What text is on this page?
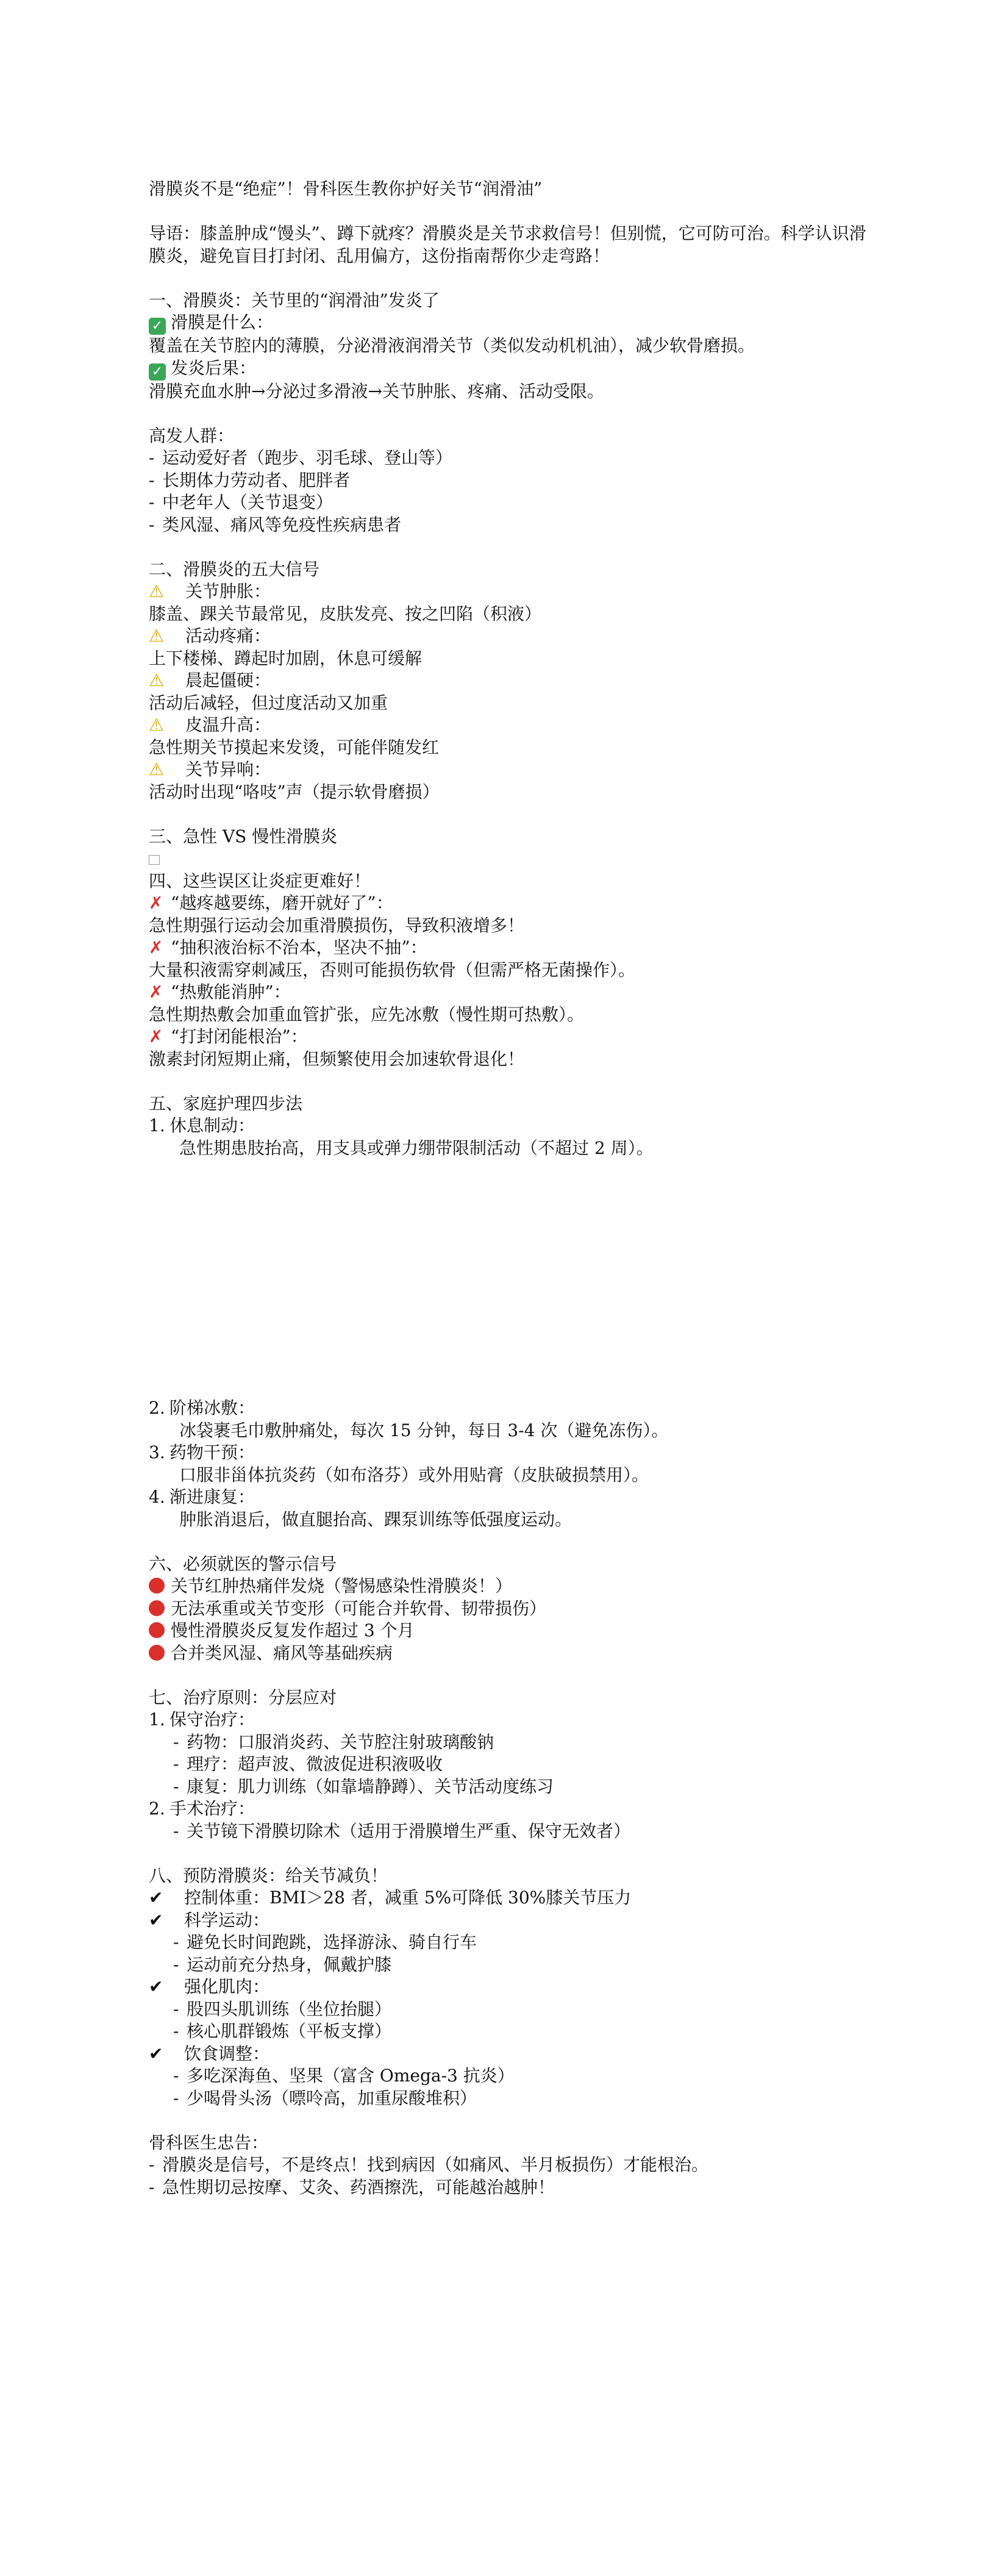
滑膜炎不是“绝症”！骨科医生教你护好关节“润滑油”

导语：膝盖肿成“馒头”、蹲下就疼？滑膜炎是关节求救信号！但别慌，它可防可治。科学认识滑

膜炎，避免盲目打封闭、乱用偏方，这份指南帮你少走弯路！

一、滑膜炎：关节里的“润滑油”发炎了

✓ 滑膜是什么：

覆盖在关节腔内的薄膜，分泌滑液润滑关节（类似发动机机油），减少软骨磨损。

✓ 发炎后果：

滑膜充血水肿→分泌过多滑液→关节肿胀、疼痛、活动受限。

高发人群：

- 运动爱好者（跑步、羽毛球、登山等）

- 长期体力劳动者、肥胖者

- 中老年人（关节退变）

- 类风湿、痛风等免疫性疾病患者

二、滑膜炎的五大信号

⚠ 关节肿胀：

膝盖、踝关节最常见，皮肤发亮、按之凹陷（积液）

⚠ 活动疼痛：

上下楼梯、蹲起时加剧，休息可缓解

⚠ 晨起僵硬：

活动后减轻，但过度活动又加重

⚠ 皮温升高：

急性期关节摸起来发烫，可能伴随发红

⚠ 关节异响：

活动时出现“咯吱”声（提示软骨磨损）

三、急性 VS 慢性滑膜炎

四、这些误区让炎症更难好！

✗ “越疼越要练，磨开就好了”：

急性期强行运动会加重滑膜损伤，导致积液增多！

✗ “抽积液治标不治本，坚决不抽”：

大量积液需穿刺减压，否则可能损伤软骨（但需严格无菌操作）。

✗ “热敷能消肿”：

急性期热敷会加重血管扩张，应先冰敷（慢性期可热敷）。

✗ “打封闭能根治”：

激素封闭短期止痛，但频繁使用会加速软骨退化！

五、家庭护理四步法

1. 休息制动：

急性期患肢抬高，用支具或弹力绷带限制活动（不超过 2 周）。

2. 阶梯冰敷：

冰袋裹毛巾敷肿痛处，每次 15 分钟，每日 3-4 次（避免冻伤）。

3. 药物干预：

口服非甾体抗炎药（如布洛芬）或外用贴膏（皮肤破损禁用）。

4. 渐进康复：

肿胀消退后，做直腿抬高、踝泵训练等低强度运动。

六、必须就医的警示信号

关节红肿热痛伴发烧（警惕感染性滑膜炎！）

无法承重或关节变形（可能合并软骨、韧带损伤）

慢性滑膜炎反复发作超过 3 个月

合并类风湿、痛风等基础疾病

七、治疗原则：分层应对

1. 保守治疗：

- 药物：口服消炎药、关节腔注射玻璃酸钠

- 理疗：超声波、微波促进积液吸收

- 康复：肌力训练（如靠墙静蹲）、关节活动度练习

2. 手术治疗：

- 关节镜下滑膜切除术（适用于滑膜增生严重、保守无效者）

八、预防滑膜炎：给关节减负！

✔ 控制体重：BMI＞28 者，减重 5%可降低 30%膝关节压力

✔ 科学运动：

- 避免长时间跑跳，选择游泳、骑自行车

- 运动前充分热身，佩戴护膝

✔ 强化肌肉：

- 股四头肌训练（坐位抬腿）

- 核心肌群锻炼（平板支撑）

✔ 饮食调整：

- 多吃深海鱼、坚果（富含 Omega-3 抗炎）

- 少喝骨头汤（嘌呤高，加重尿酸堆积）

骨科医生忠告：

- 滑膜炎是信号，不是终点！找到病因（如痛风、半月板损伤）才能根治。

- 急性期切忌按摩、艾灸、药酒擦洗，可能越治越肿！
